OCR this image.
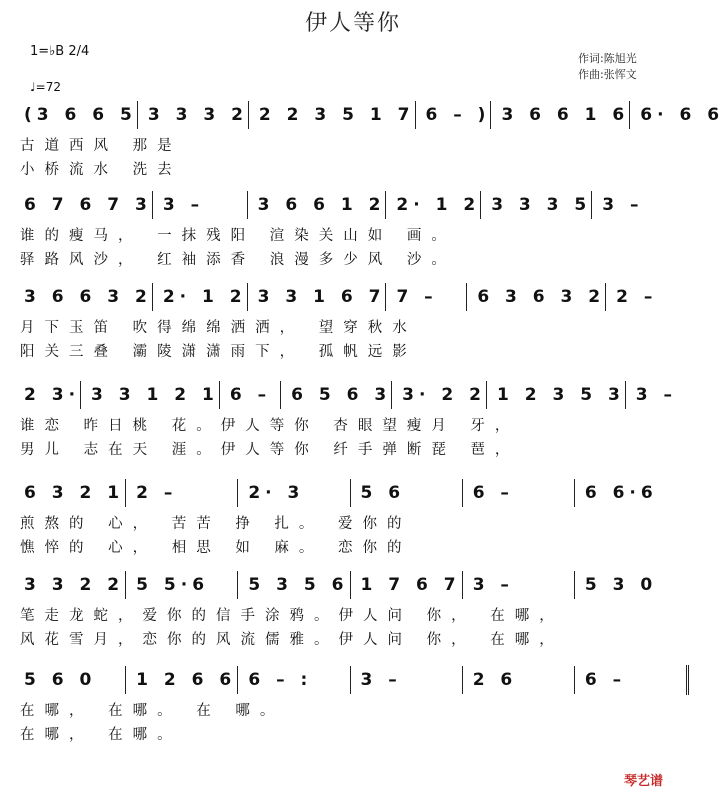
伊人等你
作词:陈旭光
作曲:张恽文
1=♭B 2/4
♩=72
(3 6 6 5 3 3 3 2 2 2 3 5 1 7 6 – ) 3 6 6 1 6 6· 6 6
古道西风 那是
小桥流水 洗去
6 7 6 7 3 3 –	3 6 6 1 2 2· 1 2 3 3 3 5 3 –
谁的瘦马， 一抹残阳 渲染关山如 画。
驿路风沙， 红袖添香 浪漫多少风 沙。
3 6 6 3 2 2· 1 2 3 3 1 6 7 7 –	6 3 6 3 2 2 –
月下玉笛 吹得绵绵洒洒， 望穿秋水
阳关三叠 灞陵潇潇雨下， 孤帆远影
2 3· 3 3 1 2 1 6 –	6 5 6 3 3· 2 2 1 2 3 5 3 3 –
谁恋 昨日桃 花。伊人等你 杏眼望瘦月 牙，
男儿 志在天 涯。伊人等你 纤手弹断琵 琶，
6 3 2 1 2 –	2· 3	5 6	6 –	6 6·6
煎熬的 心， 苦苦 挣 扎。 爱你的
憔悴的 心， 相思 如 麻。 恋你的
3 3 2 2 5 5·6	5 3 5 6 1 7 6 7 3 –	5 3 0
笔走龙蛇，爱你的信手涂鸦。伊人问 你， 在哪，
风花雪月，恋你的风流儒雅。伊人问 你， 在哪，
5 6 0	1 2 6 6 6 – :	3 –	2 6	6 –
在哪， 在哪。 在 哪。
在哪， 在哪。
琴艺谱
